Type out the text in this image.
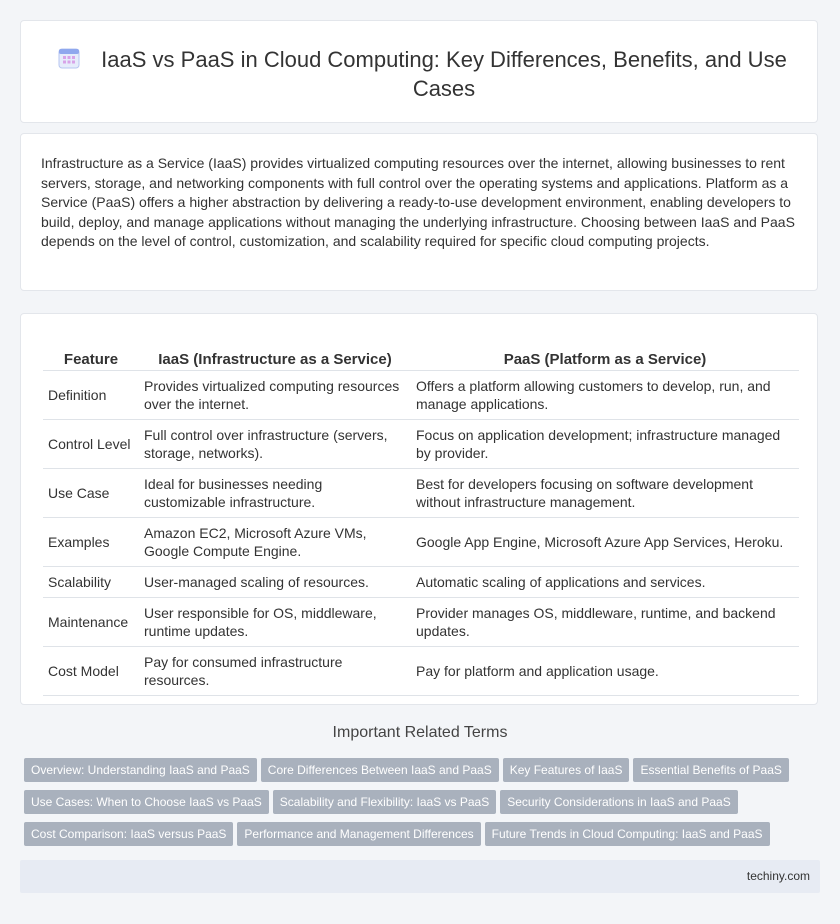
IaaS vs PaaS in Cloud Computing: Key Differences, Benefits, and Use Cases

Infrastructure as a Service (IaaS) provides virtualized computing resources over the internet, allowing businesses to rent servers, storage, and networking components with full control over the operating systems and applications. Platform as a Service (PaaS) offers a higher abstraction by delivering a ready-to-use development environment, enabling developers to build, deploy, and manage applications without managing the underlying infrastructure. Choosing between IaaS and PaaS depends on the level of control, customization, and scalability required for specific cloud computing projects.

Feature	IaaS (Infrastructure as a Service)	PaaS (Platform as a Service)
Definition	Provides virtualized computing resources over the internet.	Offers a platform allowing customers to develop, run, and manage applications.
Control Level	Full control over infrastructure (servers, storage, networks).	Focus on application development; infrastructure managed by provider.
Use Case	Ideal for businesses needing customizable infrastructure.	Best for developers focusing on software development without infrastructure management.
Examples	Amazon EC2, Microsoft Azure VMs, Google Compute Engine.	Google App Engine, Microsoft Azure App Services, Heroku.
Scalability	User-managed scaling of resources.	Automatic scaling of applications and services.
Maintenance	User responsible for OS, middleware, runtime updates.	Provider manages OS, middleware, runtime, and backend updates.
Cost Model	Pay for consumed infrastructure resources.	Pay for platform and application usage.
Important Related Terms
Overview: Understanding IaaS and PaaS Core Differences Between IaaS and PaaS Key Features of IaaS Essential Benefits of PaaS
Use Cases: When to Choose IaaS vs PaaS Scalability and Flexibility: IaaS vs PaaS Security Considerations in IaaS and PaaS
Cost Comparison: IaaS versus PaaS Performance and Management Differences Future Trends in Cloud Computing: IaaS and PaaS
techiny.com
